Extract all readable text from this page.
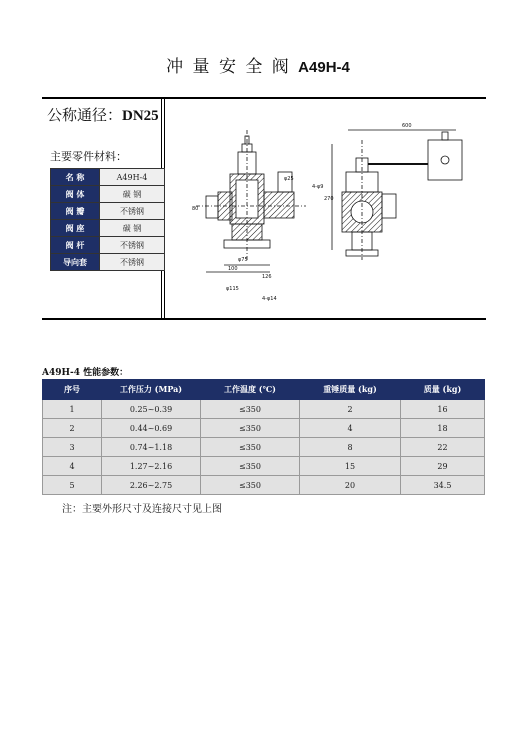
冲 量 安 全 阀 A49H-4
公称通径：DN25
主要零件材料：
名 称	A49H-4
阀 体	碳 钢
阀 瓣	不锈钢
阀 座	碳 钢
阀 杆	不锈钢
导向套	不锈钢
100
126
φ75
φ25
80
φ115
4-φ14
600
270
4-φ9
A49H-4 性能参数：
序号	工作压力 (MPa)	工作温度 (℃)	重锤质量 (kg)	质量 (kg)
1	0.25~0.39	≤350	2	16
2	0.44~0.69	≤350	4	18
3	0.74~1.18	≤350	8	22
4	1.27~2.16	≤350	15	29
5	2.26~2.75	≤350	20	34.5
注：主要外形尺寸及连接尺寸见上图
